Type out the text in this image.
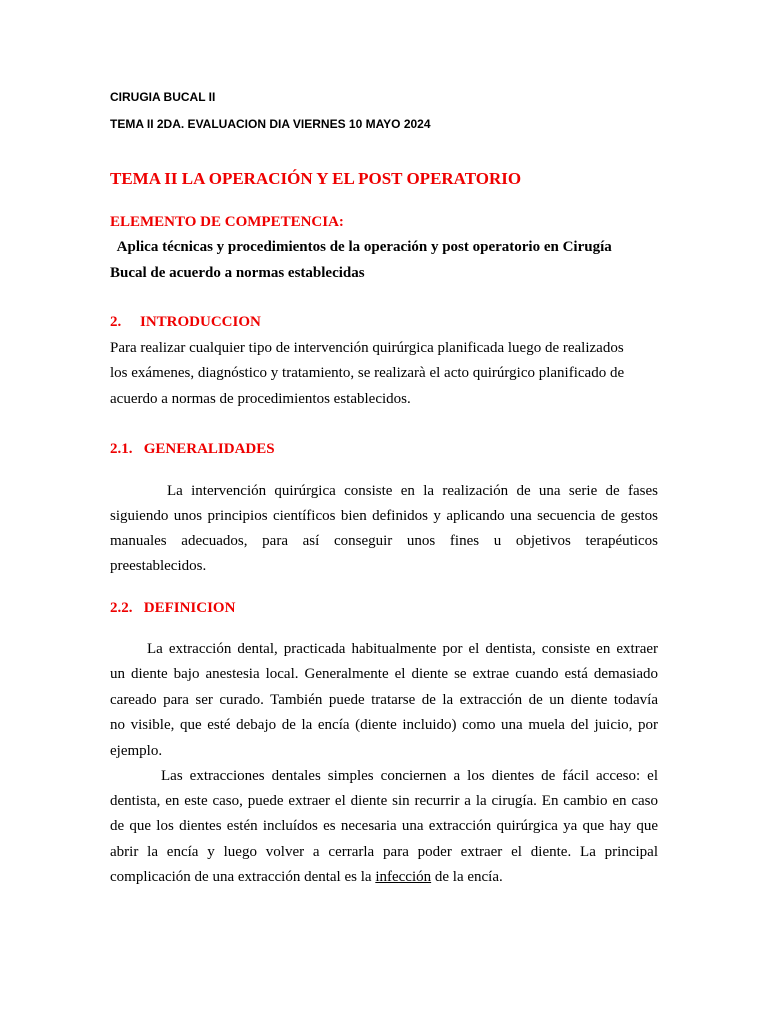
CIRUGIA BUCAL II

TEMA II 2DA. EVALUACION DIA VIERNES 10 MAYO 2024

TEMA II LA OPERACIÓN Y EL POST OPERATORIO

ELEMENTO DE COMPETENCIA:

Aplica técnicas y procedimientos de la operación y post operatorio en Cirugía

Bucal de acuerdo a normas establecidas

2.     INTRODUCCION

Para realizar cualquier tipo de intervención quirúrgica planificada luego de realizados

los exámenes, diagnóstico y tratamiento, se realizarà el acto quirúrgico planificado de

acuerdo a normas de procedimientos establecidos.

2.1.   GENERALIDADES

La intervención quirúrgica consiste en la realización de una serie de fases

siguiendo unos principios científicos bien definidos y aplicando una secuencia de gestos

manuales adecuados, para así conseguir unos fines u objetivos terapéuticos

preestablecidos.

2.2.   DEFINICION

La extracción dental, practicada habitualmente por el dentista, consiste en extraer

un diente bajo anestesia local. Generalmente el diente se extrae cuando está demasiado

careado para ser curado. También puede tratarse de la extracción de un diente todavía

no visible, que esté debajo de la encía (diente incluido) como una muela del juicio, por

ejemplo.

Las extracciones dentales simples conciernen a los dientes de fácil acceso: el

dentista, en este caso, puede extraer el diente sin recurrir a la cirugía. En cambio en caso

de que los dientes estén incluídos es necesaria una extracción quirúrgica ya que hay que

abrir la encía y luego volver a cerrarla para poder extraer el diente. La principal

complicación de una extracción dental es la infección de la encía.
